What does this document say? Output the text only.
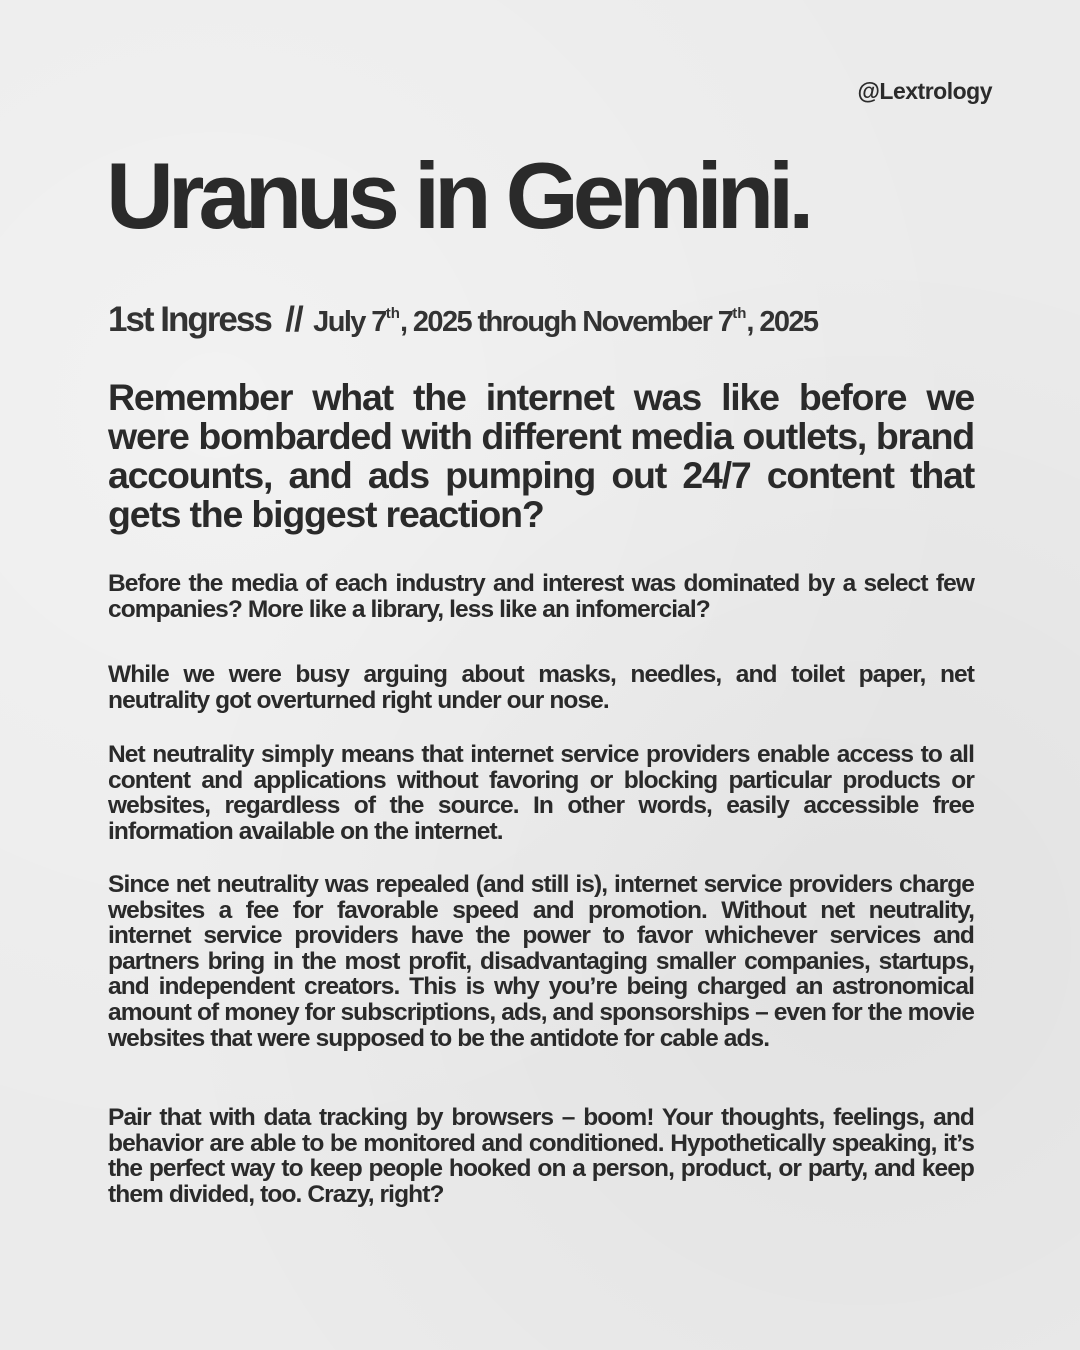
@Lextrology
Uranus in Gemini.
1st Ingress // July 7th, 2025 through November 7th, 2025

Remember what the internet was like before we were bombarded with different media outlets, brand accounts, and ads pumping out 24/7 content that gets the biggest reaction?

Before the media of each industry and interest was dominated by a select few companies? More like a library, less like an infomercial?

While we were busy arguing about masks, needles, and toilet paper, net neutrality got overturned right under our nose.

Net neutrality simply means that internet service providers enable access to all content and applications without favoring or blocking particular products or websites, regardless of the source. In other words, easily accessible free information available on the internet.

Since net neutrality was repealed (and still is), internet service providers charge websites a fee for favorable speed and promotion. Without net neutrality, internet service providers have the power to favor whichever services and partners bring in the most profit, disadvantaging smaller companies, startups, and independent creators. This is why you’re being charged an astronomical amount of money for subscriptions, ads, and sponsorships – even for the movie websites that were supposed to be the antidote for cable ads.

Pair that with data tracking by browsers – boom! Your thoughts, feelings, and behavior are able to be monitored and conditioned. Hypothetically speaking, it’s the perfect way to keep people hooked on a person, product, or party, and keep them divided, too. Crazy, right?
